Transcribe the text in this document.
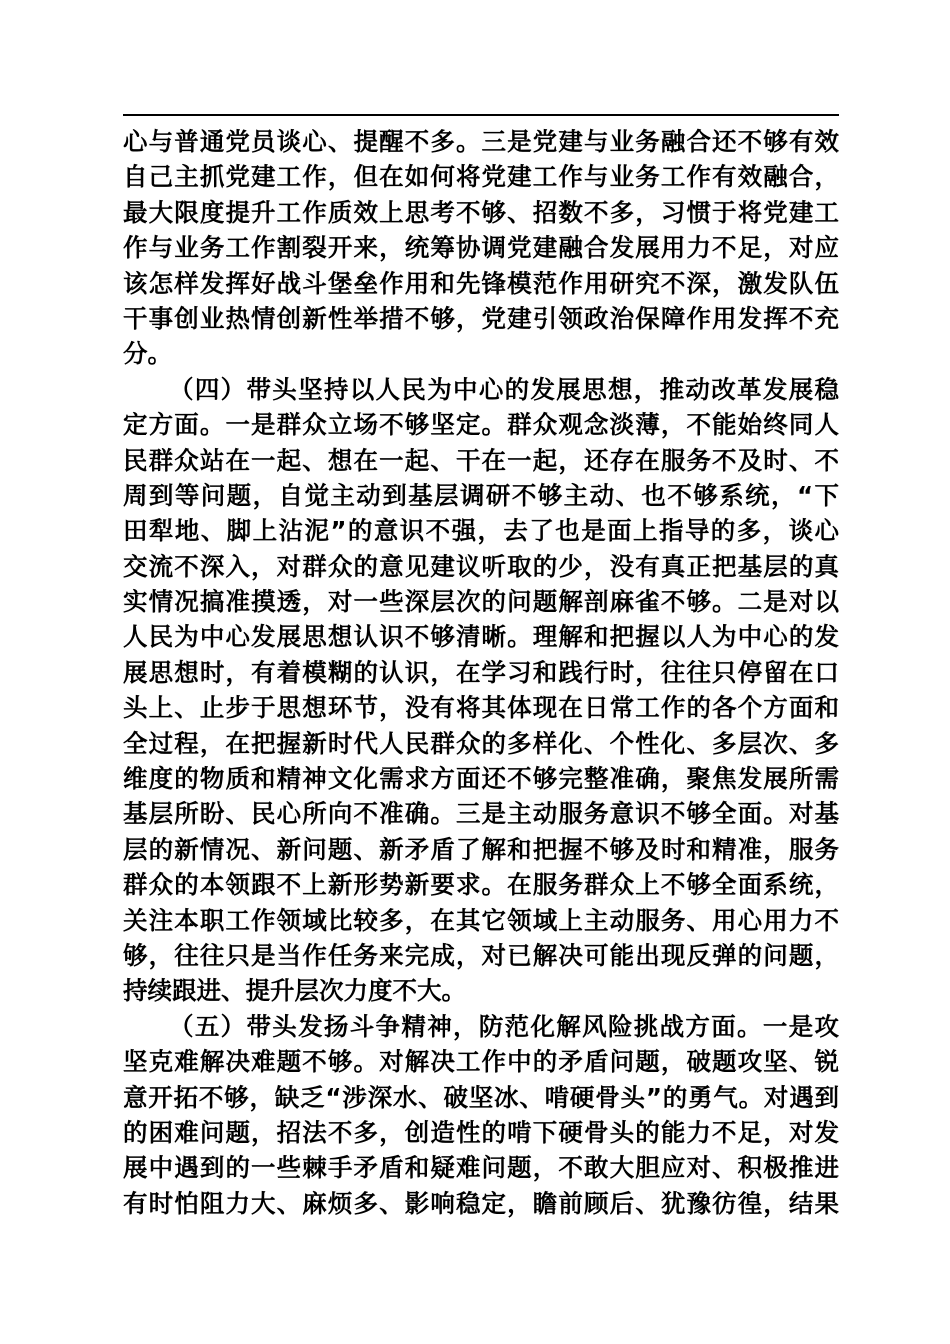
心与普通党员谈心、提醒不多。三是党建与业务融合还不够有效
自己主抓党建工作，但在如何将党建工作与业务工作有效融合，
最大限度提升工作质效上思考不够、招数不多，习惯于将党建工
作与业务工作割裂开来，统筹协调党建融合发展用力不足，对应
该怎样发挥好战斗堡垒作用和先锋模范作用研究不深，激发队伍
干事创业热情创新性举措不够，党建引领政治保障作用发挥不充
分。
（四）带头坚持以人民为中心的发展思想，推动改革发展稳
定方面。一是群众立场不够坚定。群众观念淡薄，不能始终同人
民群众站在一起、想在一起、干在一起，还存在服务不及时、不
周到等问题，自觉主动到基层调研不够主动、也不够系统，“下
田犁地、脚上沾泥”的意识不强，去了也是面上指导的多，谈心
交流不深入，对群众的意见建议听取的少，没有真正把基层的真
实情况搞准摸透，对一些深层次的问题解剖麻雀不够。二是对以
人民为中心发展思想认识不够清晰。理解和把握以人为中心的发
展思想时，有着模糊的认识，在学习和践行时，往往只停留在口
头上、止步于思想环节，没有将其体现在日常工作的各个方面和
全过程，在把握新时代人民群众的多样化、个性化、多层次、多
维度的物质和精神文化需求方面还不够完整准确，聚焦发展所需
基层所盼、民心所向不准确。三是主动服务意识不够全面。对基
层的新情况、新问题、新矛盾了解和把握不够及时和精准，服务
群众的本领跟不上新形势新要求。在服务群众上不够全面系统，
关注本职工作领域比较多，在其它领域上主动服务、用心用力不
够，往往只是当作任务来完成，对已解决可能出现反弹的问题，
持续跟进、提升层次力度不大。
（五）带头发扬斗争精神，防范化解风险挑战方面。一是攻
坚克难解决难题不够。对解决工作中的矛盾问题，破题攻坚、锐
意开拓不够，缺乏“涉深水、破坚冰、啃硬骨头”的勇气。对遇到
的困难问题，招法不多，创造性的啃下硬骨头的能力不足，对发
展中遇到的一些棘手矛盾和疑难问题，不敢大胆应对、积极推进
有时怕阻力大、麻烦多、影响稳定，瞻前顾后、犹豫彷徨，结果
